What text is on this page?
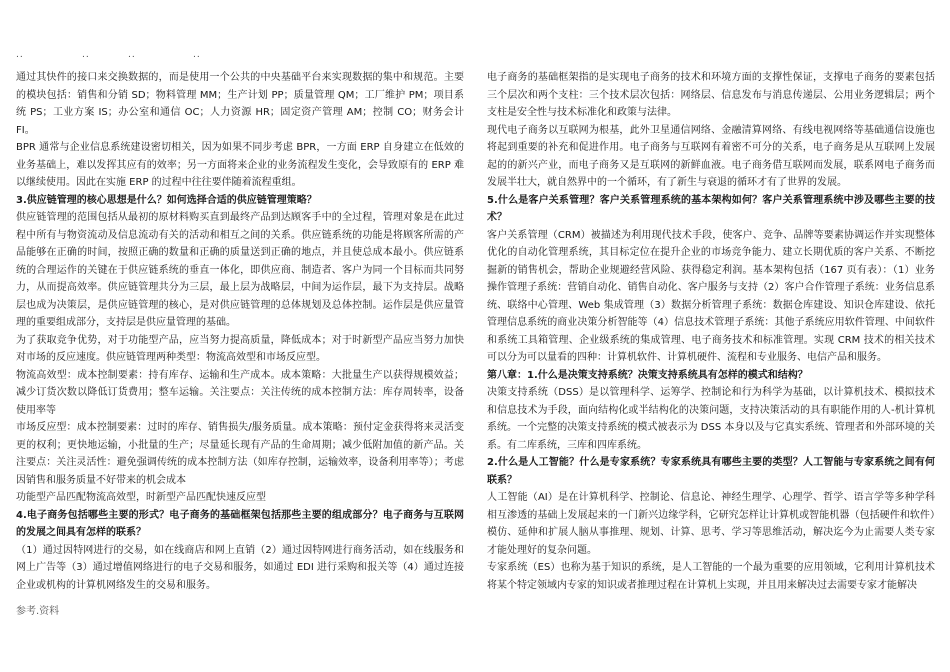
..	..	..	..

通过其快件的接口来交换数据的，而是使用一个公共的中央基础平台来实现数据的集中和规范。主要的模块包括：销售和分销 SD；物料管理 MM；生产计划 PP；质量管理 QM；工厂维护 PM；项目系统 PS；工业方案 IS；办公室和通信 OC；人力资源 HR；固定资产管理 AM；控制 CO；财务会计 FI。

BPR 通常与企业信息系统建设密切相关，因为如果不同步考虑 BPR，一方面 ERP 自身建立在低效的业务基础上，难以发挥其应有的效率；另一方面将来企业的业务流程发生变化，会导致原有的 ERP 难以继续使用。因此在实施 ERP 的过程中往往要伴随着流程重组。

3.供应链管理的核心思想是什么？如何选择合适的供应链管理策略？

供应链管理的范围包括从最初的原材料购买直到最终产品到达顾客手中的全过程，管理对象是在此过程中所有与物资流动及信息流动有关的活动和相互之间的关系。供应链系统的功能是将顾客所需的产品能够在正确的时间，按照正确的数量和正确的质量送到正确的地点，并且使总成本最小。供应链系统的合理运作的关键在于供应链系统的垂直一体化，即供应商、制造者、客户为同一个目标而共同努力，从而提高效率。供应链管理共分为三层，最上层为战略层，中间为运作层，最下为支持层。战略层也成为决策层，是供应链管理的核心，是对供应链管理的总体规划及总体控制。运作层是供应量管理的重要组成部分，支持层是供应量管理的基础。

为了获取竞争优势，对于功能型产品，应当努力提高质量，降低成本；对于时新型产品应当努力加快对市场的反应速度。供应链管理两种类型：物流高效型和市场反应型。

物流高效型：成本控制要素：持有库存、运输和生产成本。成本策略：大批量生产以获得规模效益；减少订货次数以降低订货费用；整车运输。关注要点：关注传统的成本控制方法：库存周转率，设备使用率等

市场反应型：成本控制要素：过时的库存、销售损失/服务质量。成本策略：预付定金获得将来灵活变更的权利；更快地运输，小批量的生产；尽量延长现有产品的生命周期；减少低附加值的新产品。关注要点：关注灵活性：避免强调传统的成本控制方法（如库存控制，运输效率，设备利用率等）；考虑因销售和服务质量不好带来的机会成本

功能型产品匹配物流高效型，时新型产品匹配快速反应型

4.电子商务包括哪些主要的形式？电子商务的基础框架包括那些主要的组成部分？电子商务与互联网的发展之间具有怎样的联系？

（1）通过因特网进行的交易，如在线商店和网上直销（2）通过因特网进行商务活动，如在线服务和网上广告等（3）通过增值网络进行的电子交易和服务，如通过 EDI 进行采购和报关等（4）通过连接企业或机构的计算机网络发生的交易和服务。

电子商务的基础框架指的是实现电子商务的技术和环境方面的支撑性保证，支撑电子商务的要素包括三个层次和两个支柱：三个技术层次包括：网络层、信息发布与消息传递层、公用业务逻辑层；两个支柱是安全性与技术标准化和政策与法律。

现代电子商务以互联网为根基，此外卫星通信网络、金融清算网络、有线电视网络等基础通信设施也将起到重要的补充和促进作用。电子商务与互联网有着密不可分的关系，电子商务是从互联网上发展起的的新兴产业，而电子商务又是互联网的新鲜血液。电子商务借互联网而发展，联系网电子商务而发展半壮大，就自然界中的一个循环，有了新生与衰退的循环才有了世界的发展。

5.什么是客户关系管理？客户关系管理系统的基本架构如何？客户关系管理系统中涉及哪些主要的技术？

客户关系管理（CRM）被描述为利用现代技术手段，使客户、竞争、品牌等要素协调运作并实现整体优化的自动化管理系统，其目标定位在提升企业的市场竞争能力、建立长期优质的客户关系、不断挖掘新的销售机会，帮助企业规避经营风险、获得稳定利润。基本架构包括（167 页有表）：（1）业务操作管理子系统：营销自动化、销售自动化、客户服务与支持（2）客户合作管理子系统：业务信息系统、联络中心管理、Web 集成管理（3）数据分析管理子系统：数据仓库建设、知识仓库建设、依托管理信息系统的商业决策分析智能等（4）信息技术管理子系统：其他子系统应用软件管理、中间软件和系统工具箱管理、企业级系统的集成管理、电子商务技术和标准管理。实现 CRM 技术的相关技术可以分为可以量看的四种：计算机软件、计算机硬件、流程和专业服务、电信产品和服务。

第八章：1.什么是决策支持系统？决策支持系统具有怎样的模式和结构？

决策支持系统（DSS）是以管理科学、运筹学、控制论和行为科学为基础，以计算机技术、模拟技术和信息技术为手段，面向结构化或半结构化的决策问题，支持决策活动的具有职能作用的人-机计算机系统。一个完整的决策支持系统的模式被表示为 DSS 本身以及与它真实系统、管理者和外部环境的关系。有二库系统，三库和四库系统。

2.什么是人工智能？什么是专家系统？专家系统具有哪些主要的类型？人工智能与专家系统之间有何联系？

人工智能（AI）是在计算机科学、控制论、信息论、神经生理学、心理学、哲学、语言学等多种学科相互渗透的基础上发展起来的一门新兴边缘学科，它研究怎样让计算机或智能机器（包括硬件和软件）模仿、延伸和扩展人脑从事推理、规划、计算、思考、学习等思维活动，解决迄今为止需要人类专家才能处理好的复杂问题。

专家系统（ES）也称为基于知识的系统，是人工智能的一个最为重要的应用领域，它利用计算机技术将某个特定领域内专家的知识或者推理过程在计算机上实现，并且用来解决过去需要专家才能解决

参考.资料
